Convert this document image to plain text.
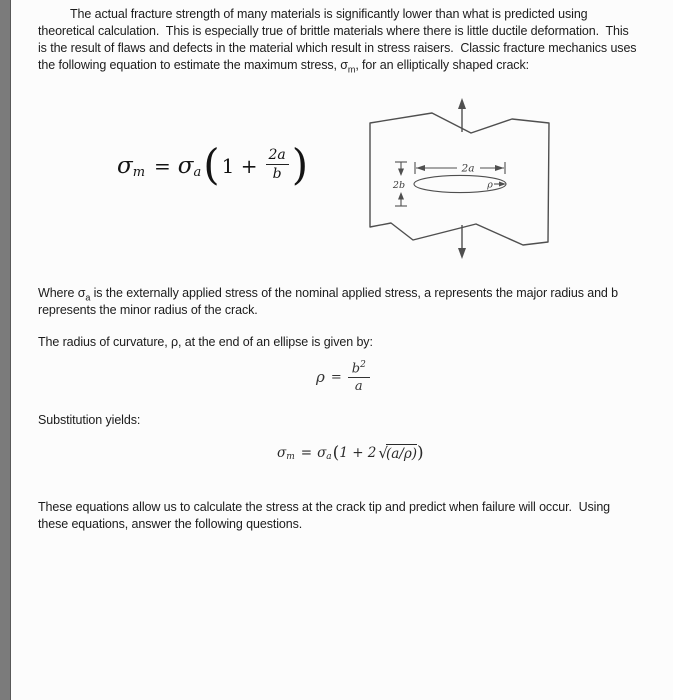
The actual fracture strength of many materials is significantly lower than what is predicted using
theoretical calculation.  This is especially true of brittle materials where there is little ductile deformation.  This
is the result of flaws and defects in the material which result in stress raisers.  Classic fracture mechanics uses
the following equation to estimate the maximum stress, $\sigma_m$, for an elliptically shaped crack:
σ m = σ a ( $1 + \frac{2a}{b}$ )	2a
2b	ρ
Where $\sigma_a$ is the externally applied stress of the nominal applied stress, a represents the major radius and b
represents the minor radius of the crack.
The radius of curvature, ρ, at the end of an ellipse is given by:
$\rho = \frac{b^2}{a}$
Substitution yields:
σ m = σ a ( 1 + 2 √
(a/ρ) )
These equations allow us to calculate the stress at the crack tip and predict when failure will occur.  Using
these equations, answer the following questions.
